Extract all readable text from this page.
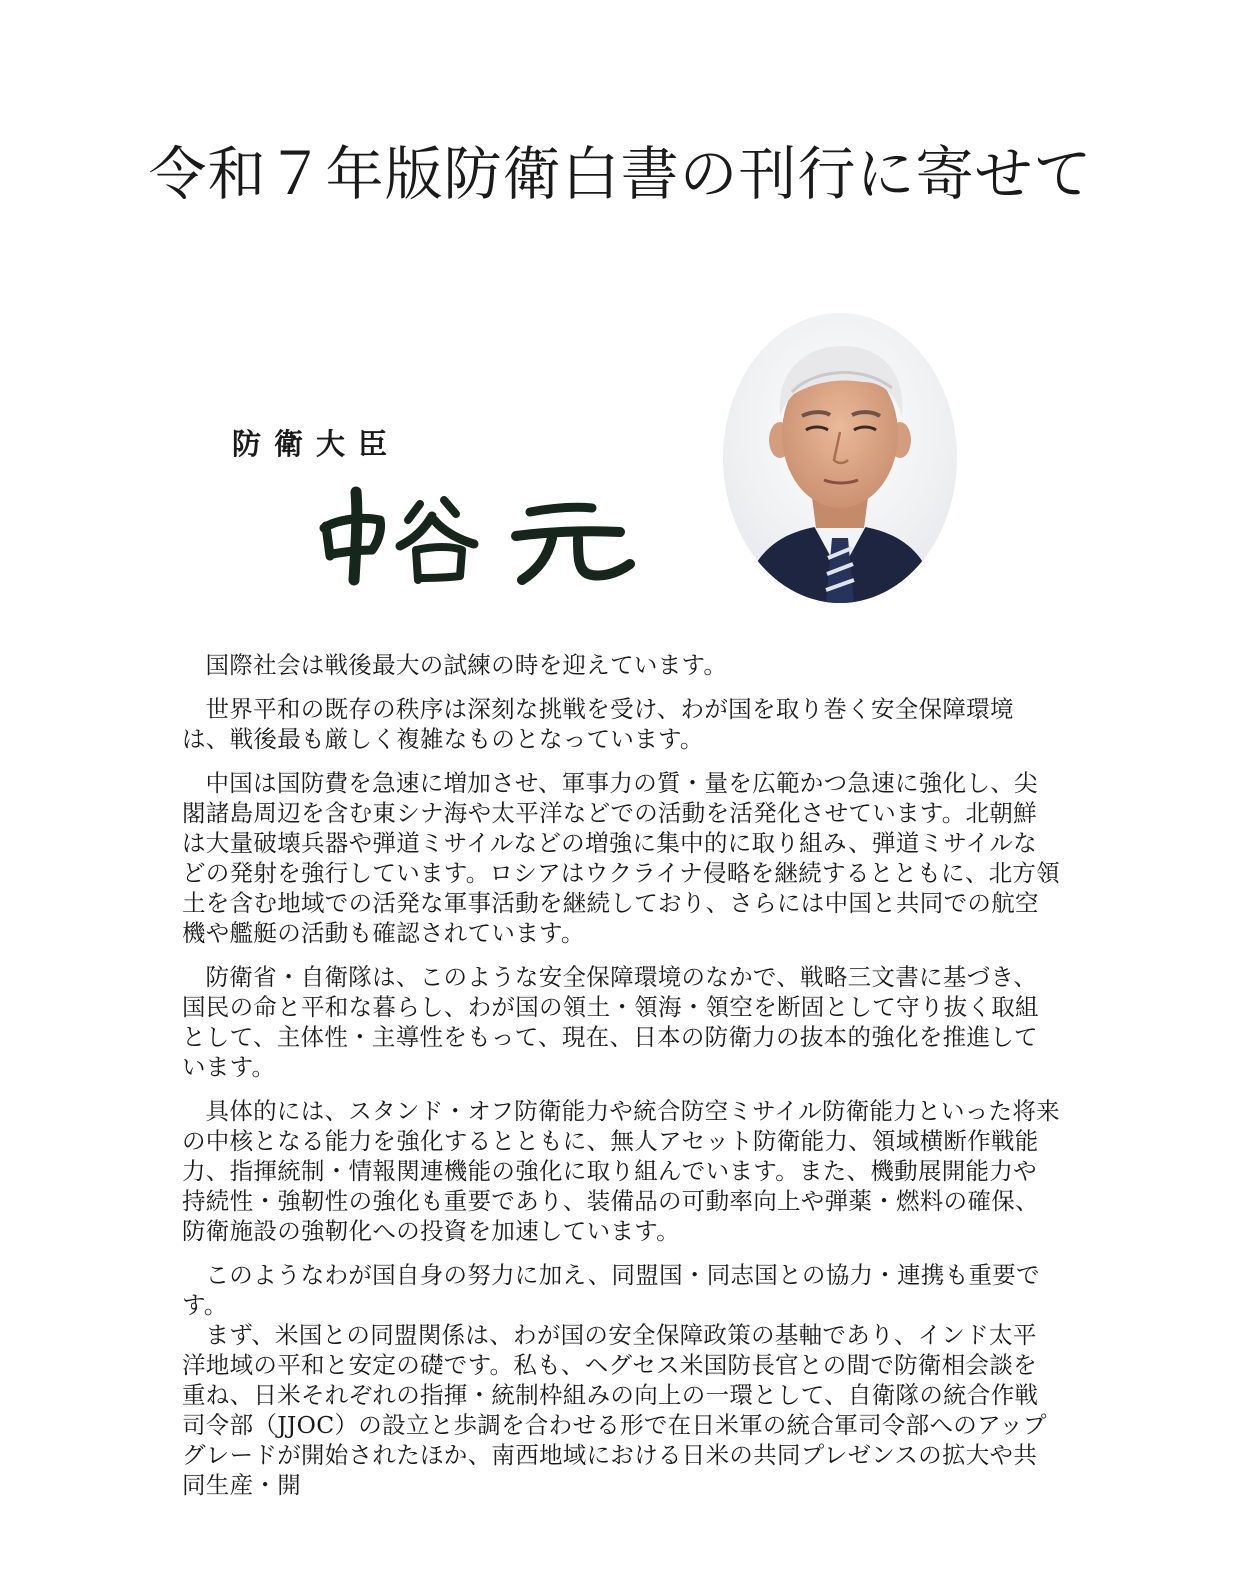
令和７年版防衛白書の刊行に寄せて
防衛大臣

国際社会は戦後最大の試練の時を迎えています。

世界平和の既存の秩序は深刻な挑戦を受け、わが国を取り巻く安全保障環境は、戦後最も厳しく複雑なものとなっています。

中国は国防費を急速に増加させ、軍事力の質・量を広範かつ急速に強化し、尖閣諸島周辺を含む東シナ海や太平洋などでの活動を活発化させています。北朝鮮は大量破壊兵器や弾道ミサイルなどの増強に集中的に取り組み、弾道ミサイルなどの発射を強行しています。ロシアはウクライナ侵略を継続するとともに、北方領土を含む地域での活発な軍事活動を継続しており、さらには中国と共同での航空機や艦艇の活動も確認されています。

防衛省・自衛隊は、このような安全保障環境のなかで、戦略三文書に基づき、国民の命と平和な暮らし、わが国の領土・領海・領空を断固として守り抜く取組として、主体性・主導性をもって、現在、日本の防衛力の抜本的強化を推進しています。

具体的には、スタンド・オフ防衛能力や統合防空ミサイル防衛能力といった将来の中核となる能力を強化するとともに、無人アセット防衛能力、領域横断作戦能力、指揮統制・情報関連機能の強化に取り組んでいます。また、機動展開能力や持続性・強靭性の強化も重要であり、装備品の可動率向上や弾薬・燃料の確保、防衛施設の強靭化への投資を加速しています。

このようなわが国自身の努力に加え、同盟国・同志国との協力・連携も重要です。

まず、米国との同盟関係は、わが国の安全保障政策の基軸であり、インド太平洋地域の平和と安定の礎です。私も、ヘグセス米国防長官との間で防衛相会談を重ね、日米それぞれの指揮・統制枠組みの向上の一環として、自衛隊の統合作戦司令部（JJOC）の設立と歩調を合わせる形で在日米軍の統合軍司令部へのアップグレードが開始されたほか、南西地域における日米の共同プレゼンスの拡大や共同生産・開
